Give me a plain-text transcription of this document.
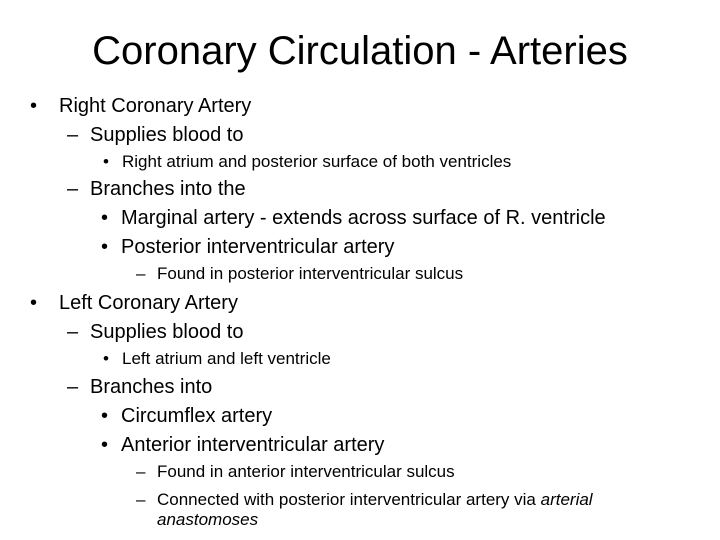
Coronary Circulation - Arteries
• Right Coronary Artery
– Supplies blood to
• Right atrium and posterior surface of both ventricles
– Branches into the
• Marginal artery - extends across surface of R. ventricle
• Posterior interventricular artery
– Found in posterior interventricular sulcus
• Left Coronary Artery
– Supplies blood to
• Left atrium and left ventricle
– Branches into
• Circumflex artery
• Anterior interventricular artery
– Found in anterior interventricular sulcus
– Connected with posterior interventricular artery via arterial
anastomoses
